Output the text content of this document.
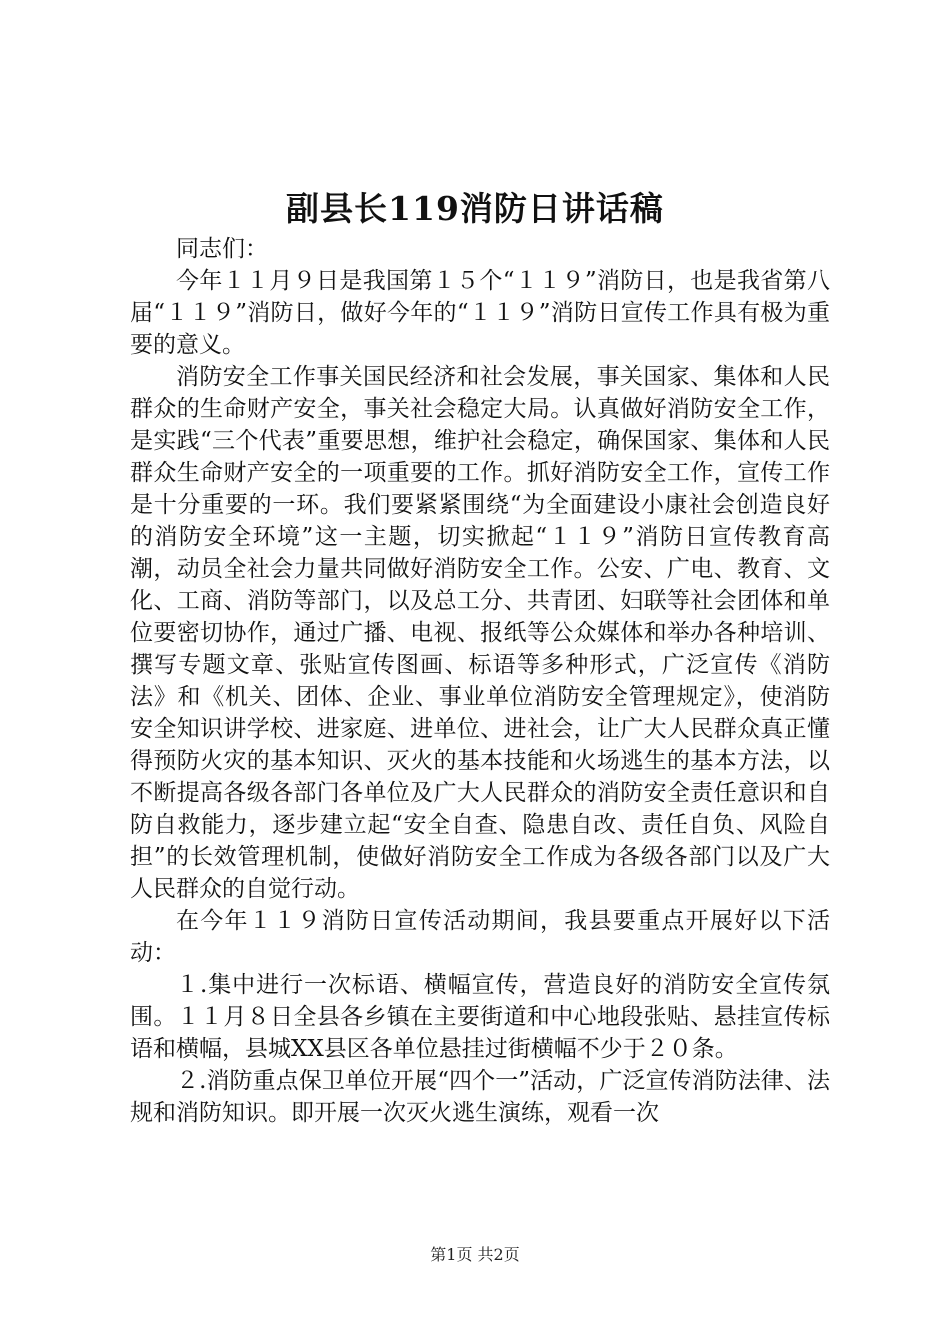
副县长119消防日讲话稿

同志们：

今年１１月９日是我国第１５个“１１９”消防日，也是我省第八届“１１９”消防日，做好今年的“１１９”消防日宣传工作具有极为重要的意义。

消防安全工作事关国民经济和社会发展，事关国家、集体和人民群众的生命财产安全，事关社会稳定大局。认真做好消防安全工作，是实践“三个代表”重要思想，维护社会稳定，确保国家、集体和人民群众生命财产安全的一项重要的工作。抓好消防安全工作，宣传工作是十分重要的一环。我们要紧紧围绕“为全面建设小康社会创造良好的消防安全环境”这一主题，切实掀起“１１９”消防日宣传教育高潮，动员全社会力量共同做好消防安全工作。公安、广电、教育、文化、工商、消防等部门，以及总工分、共青团、妇联等社会团体和单位要密切协作，通过广播、电视、报纸等公众媒体和举办各种培训、撰写专题文章、张贴宣传图画、标语等多种形式，广泛宣传《消防法》和《机关、团体、企业、事业单位消防安全管理规定》，使消防安全知识讲学校、进家庭、进单位、进社会，让广大人民群众真正懂得预防火灾的基本知识、灭火的基本技能和火场逃生的基本方法，以不断提高各级各部门各单位及广大人民群众的消防安全责任意识和自防自救能力，逐步建立起“安全自查、隐患自改、责任自负、风险自担”的长效管理机制，使做好消防安全工作成为各级各部门以及广大人民群众的自觉行动。

在今年１１９消防日宣传活动期间，我县要重点开展好以下活动：

１.集中进行一次标语、横幅宣传，营造良好的消防安全宣传氛围。１１月８日全县各乡镇在主要街道和中心地段张贴、悬挂宣传标语和横幅，县城XX县区各单位悬挂过街横幅不少于２０条。

２.消防重点保卫单位开展“四个一”活动，广泛宣传消防法律、法规和消防知识。即开展一次灭火逃生演练，观看一次

第1页 共2页
